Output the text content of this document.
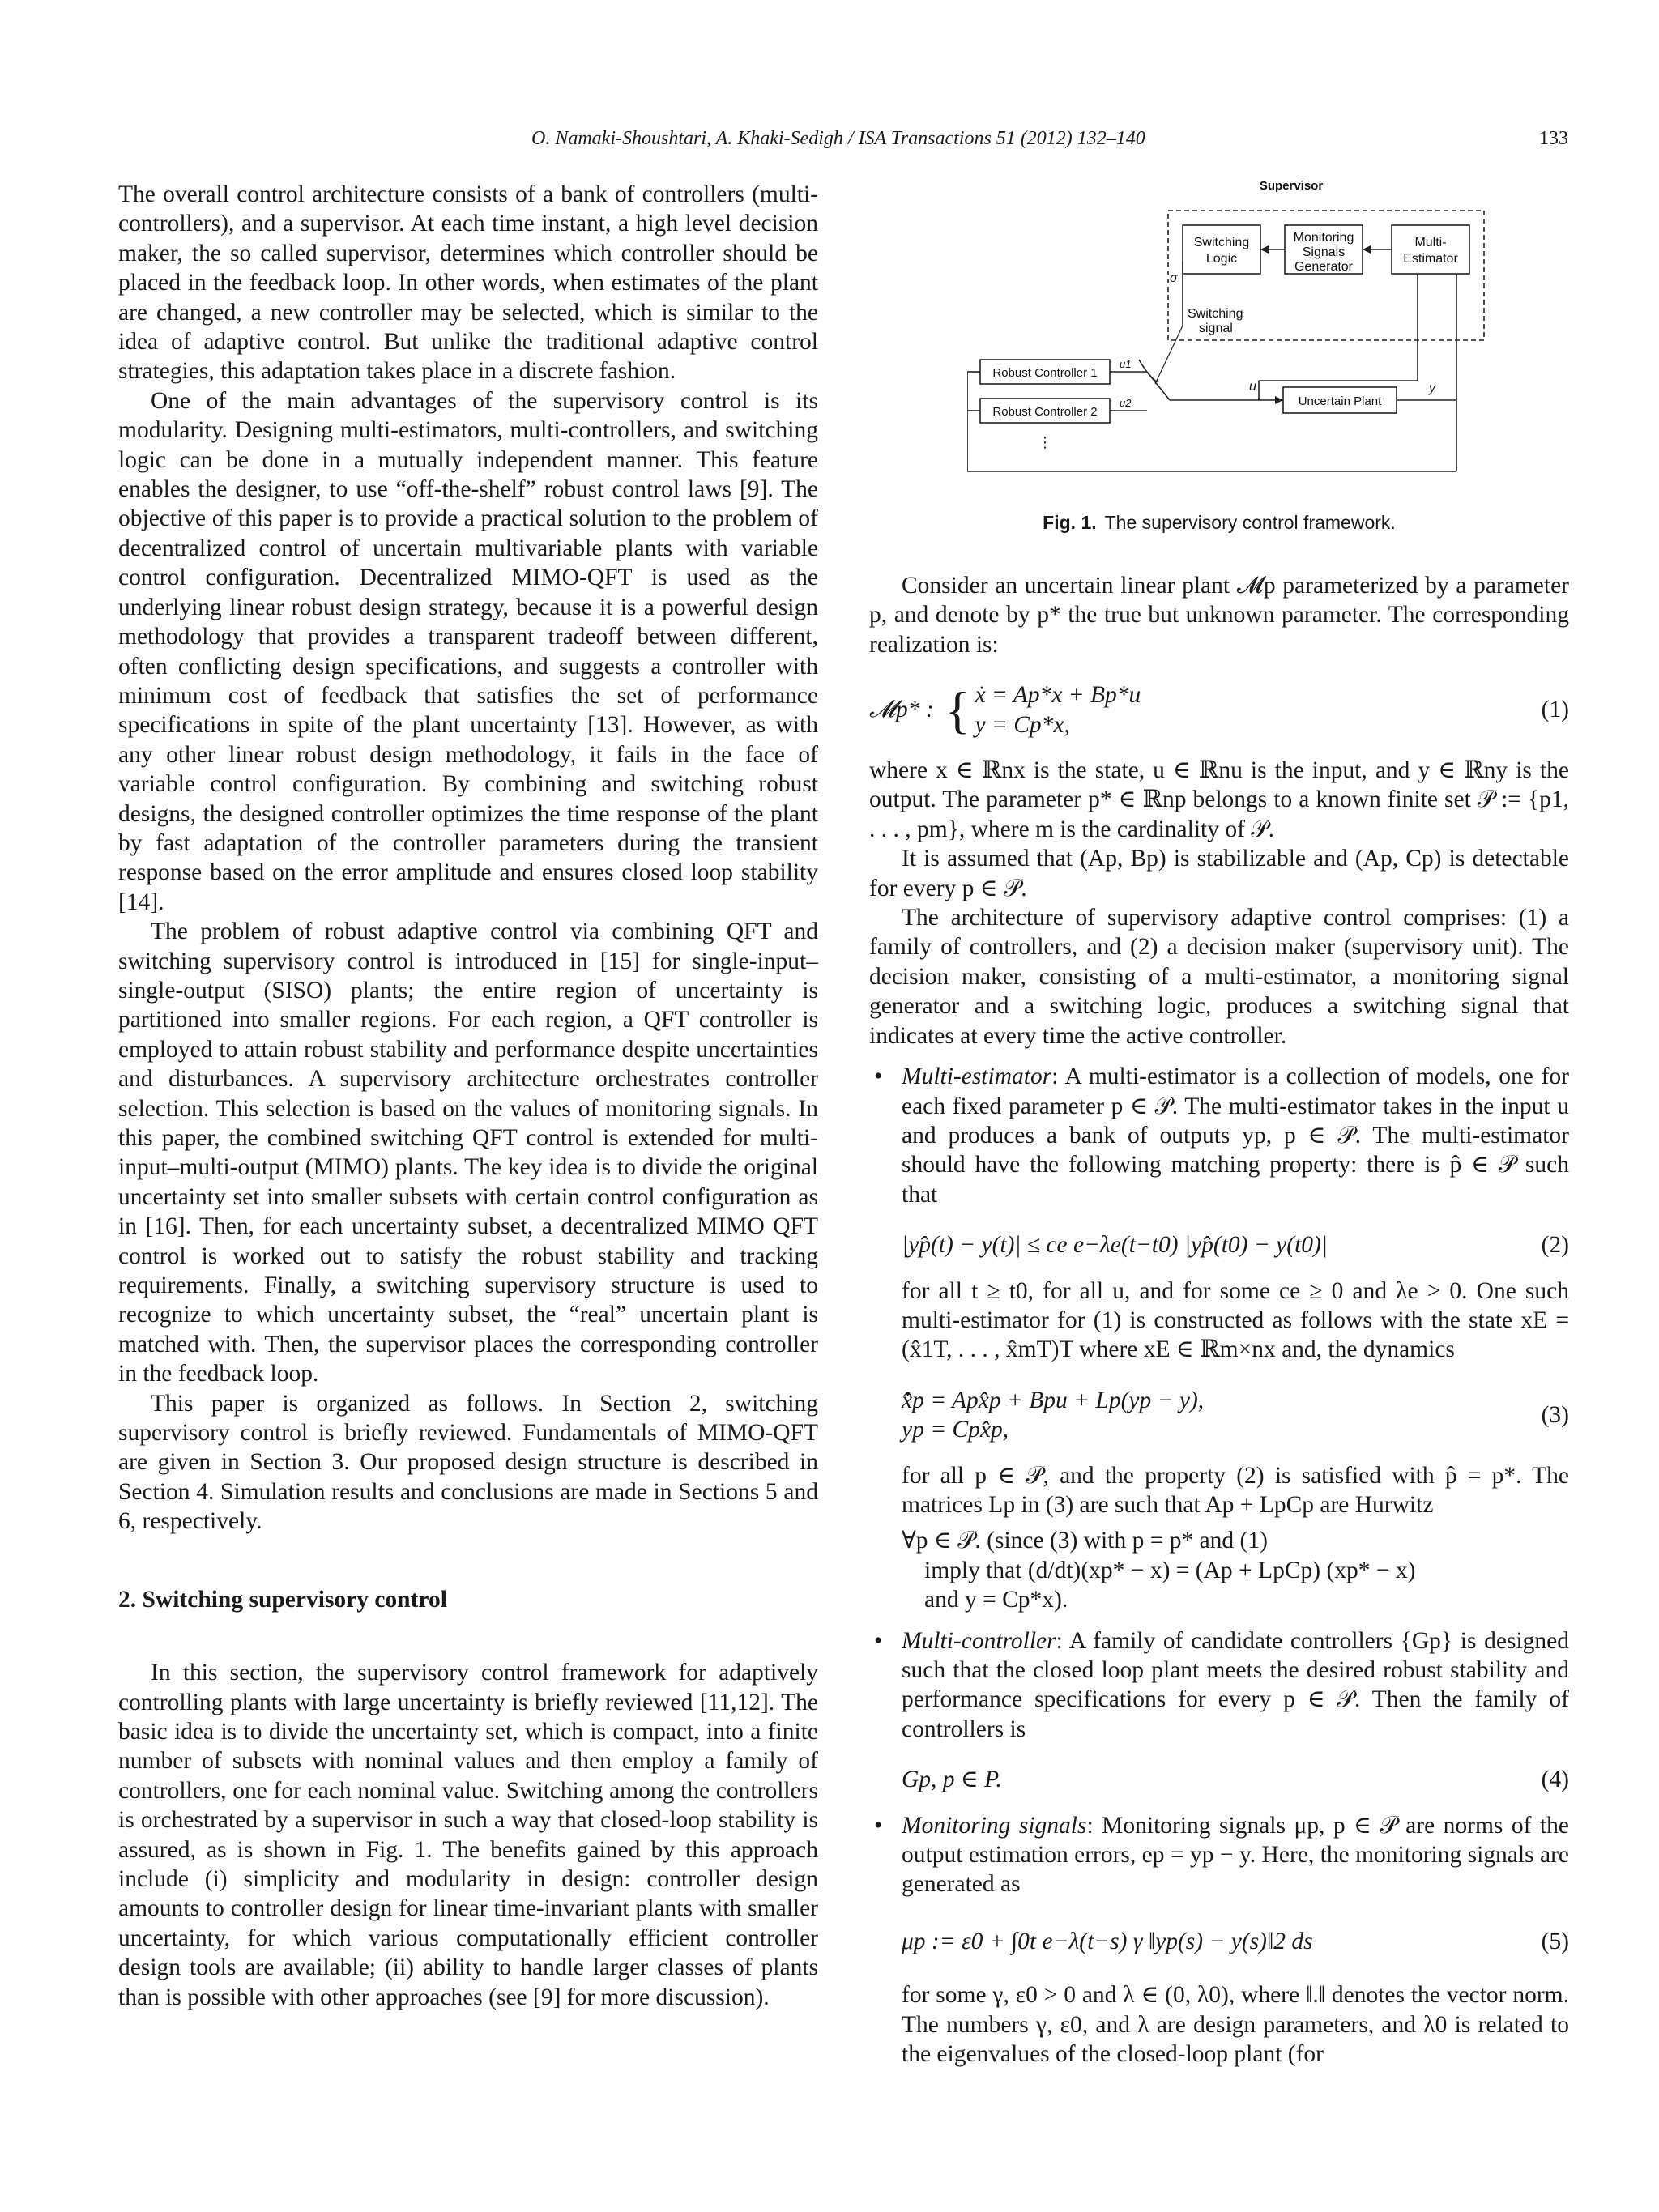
O. Namaki-Shoushtari, A. Khaki-Sedigh / ISA Transactions 51 (2012) 132–140	133

The overall control architecture consists of a bank of controllers (multi-controllers), and a supervisor. At each time instant, a high level decision maker, the so called supervisor, determines which controller should be placed in the feedback loop. In other words, when estimates of the plant are changed, a new controller may be selected, which is similar to the idea of adaptive control. But unlike the traditional adaptive control strategies, this adaptation takes place in a discrete fashion.

One of the main advantages of the supervisory control is its modularity. Designing multi-estimators, multi-controllers, and switching logic can be done in a mutually independent manner. This feature enables the designer, to use “off-the-shelf” robust control laws [9]. The objective of this paper is to provide a practical solution to the problem of decentralized control of uncertain multivariable plants with variable control configuration. Decentralized MIMO-QFT is used as the underlying linear robust design strategy, because it is a powerful design methodology that provides a transparent tradeoff between different, often conflicting design specifications, and suggests a controller with minimum cost of feedback that satisfies the set of performance specifications in spite of the plant uncertainty [13]. However, as with any other linear robust design methodology, it fails in the face of variable control configuration. By combining and switching robust designs, the designed controller optimizes the time response of the plant by fast adaptation of the controller parameters during the transient response based on the error amplitude and ensures closed loop stability [14].

The problem of robust adaptive control via combining QFT and switching supervisory control is introduced in [15] for single-input–single-output (SISO) plants; the entire region of uncertainty is partitioned into smaller regions. For each region, a QFT controller is employed to attain robust stability and performance despite uncertainties and disturbances. A supervisory architecture orchestrates controller selection. This selection is based on the values of monitoring signals. In this paper, the combined switching QFT control is extended for multi-input–multi-output (MIMO) plants. The key idea is to divide the original uncertainty set into smaller subsets with certain control configuration as in [16]. Then, for each uncertainty subset, a decentralized MIMO QFT control is worked out to satisfy the robust stability and tracking requirements. Finally, a switching supervisory structure is used to recognize to which uncertainty subset, the “real” uncertain plant is matched with. Then, the supervisor places the corresponding controller in the feedback loop.

This paper is organized as follows. In Section 2, switching supervisory control is briefly reviewed. Fundamentals of MIMO-QFT are given in Section 3. Our proposed design structure is described in Section 4. Simulation results and conclusions are made in Sections 5 and 6, respectively.

2. Switching supervisory control

In this section, the supervisory control framework for adaptively controlling plants with large uncertainty is briefly reviewed [11,12]. The basic idea is to divide the uncertainty set, which is compact, into a finite number of subsets with nominal values and then employ a family of controllers, one for each nominal value. Switching among the controllers is orchestrated by a supervisor in such a way that closed-loop stability is assured, as is shown in Fig. 1. The benefits gained by this approach include (i) simplicity and modularity in design: controller design amounts to controller design for linear time-invariant plants with smaller uncertainty, for which various computationally efficient controller design tools are available; (ii) ability to handle larger classes of plants than is possible with other approaches (see [9] for more discussion).

Supervisor
Switching
Logic
Monitoring
Signals
Generator
Multi-
Estimator
σ
Switching
signal
Robust Controller 1
Robust Controller 2
⋮
u1
u2
u
Uncertain Plant
y
Fig. 1. The supervisory control framework.

Consider an uncertain linear plant 𝓜p parameterized by a parameter p, and denote by p* the true but unknown parameter. The corresponding realization is:

𝓜p* : { ẋ = Ap*x + Bp*u
y = Cp*x,
(1)

where x ∈ ℝnx is the state, u ∈ ℝnu is the input, and y ∈ ℝny is the output. The parameter p* ∈ ℝnp belongs to a known finite set 𝒫 := {p1, . . . , pm}, where m is the cardinality of 𝒫.

It is assumed that (Ap, Bp) is stabilizable and (Ap, Cp) is detectable for every p ∈ 𝒫.

The architecture of supervisory adaptive control comprises: (1) a family of controllers, and (2) a decision maker (supervisory unit). The decision maker, consisting of a multi-estimator, a monitoring signal generator and a switching logic, produces a switching signal that indicates at every time the active controller.

• Multi-estimator: A multi-estimator is a collection of models, one for each fixed parameter p ∈ 𝒫. The multi-estimator takes in the input u and produces a bank of outputs yp, p ∈ 𝒫. The multi-estimator should have the following matching property: there is p̂ ∈ 𝒫 such that

|yp̂(t) − y(t)| ≤ ce e−λe(t−t0) |yp̂(t0) − y(t0)|	(2)

for all t ≥ t0, for all u, and for some ce ≥ 0 and λe > 0. One such multi-estimator for (1) is constructed as follows with the state xE = (x̂1T, . . . , x̂mT)T where xE ∈ ℝm×nx and, the dynamics

x̂̇p = Apx̂p + Bpu + Lp(yp − y),
yp = Cpx̂p,
(3)

for all p ∈ 𝒫, and the property (2) is satisfied with p̂ = p*. The matrices Lp in (3) are such that Ap + LpCp are Hurwitz

∀p ∈ 𝒫. (since (3) with p = p* and (1)

imply that (d/dt)(xp* − x) = (Ap + LpCp) (xp* − x)

and y = Cp*x).

• Multi-controller: A family of candidate controllers {Gp} is designed such that the closed loop plant meets the desired robust stability and performance specifications for every p ∈ 𝒫. Then the family of controllers is

Gp, p ∈ P.	(4)
• Monitoring signals: Monitoring signals μp, p ∈ 𝒫 are norms of the output estimation errors, ep = yp − y. Here, the monitoring signals are generated as

μp := ε0 + ∫0t e−λ(t−s) γ ‖yp(s) − y(s)‖2 ds	(5)

for some γ, ε0 > 0 and λ ∈ (0, λ0), where ‖.‖ denotes the vector norm. The numbers γ, ε0, and λ are design parameters, and λ0 is related to the eigenvalues of the closed-loop plant (for
